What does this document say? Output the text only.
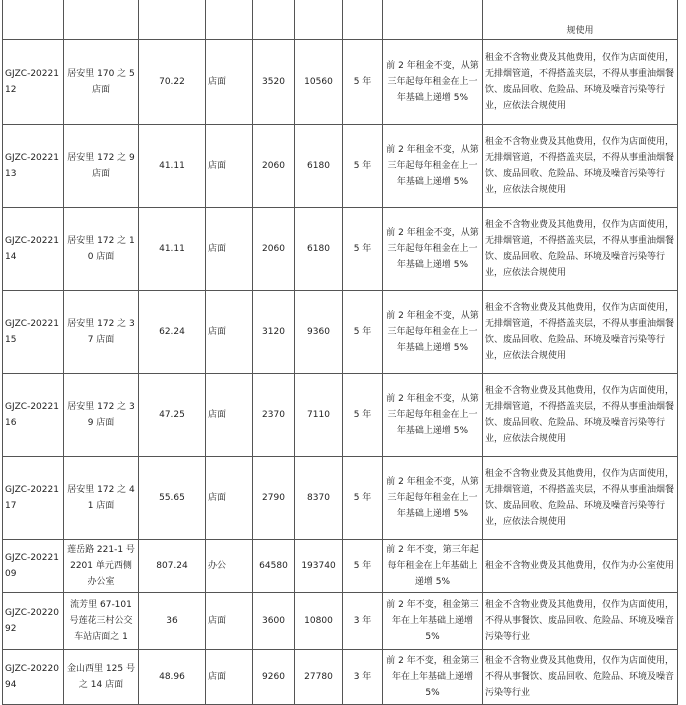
								规使用

GJZC-2022112	居安里 170 之 5 店面	70.22	店面	3520	10560	5 年	前 2 年租金不变，从第三年起每年租金在上一年基础上递增 5%	租金不含物业费及其他费用，仅作为店面使用，无排烟管道，不得搭盖夹层，不得从事重油烟餐饮、废品回收、危险品、环境及噪音污染等行业，应依法合规使用

GJZC-2022113	居安里 172 之 9 店面	41.11	店面	2060	6180	5 年	前 2 年租金不变，从第三年起每年租金在上一年基础上递增 5%	租金不含物业费及其他费用，仅作为店面使用，无排烟管道，不得搭盖夹层，不得从事重油烟餐饮、废品回收、危险品、环境及噪音污染等行业，应依法合规使用

GJZC-2022114	居安里 172 之 10 店面	41.11	店面	2060	6180	5 年	前 2 年租金不变，从第三年起每年租金在上一年基础上递增 5%	租金不含物业费及其他费用，仅作为店面使用，无排烟管道，不得搭盖夹层，不得从事重油烟餐饮、废品回收、危险品、环境及噪音污染等行业，应依法合规使用

GJZC-2022115	居安里 172 之 37 店面	62.24	店面	3120	9360	5 年	前 2 年租金不变，从第三年起每年租金在上一年基础上递增 5%	租金不含物业费及其他费用，仅作为店面使用，无排烟管道，不得搭盖夹层，不得从事重油烟餐饮、废品回收、危险品、环境及噪音污染等行业，应依法合规使用

GJZC-2022116	居安里 172 之 39 店面	47.25	店面	2370	7110	5 年	前 2 年租金不变，从第三年起每年租金在上一年基础上递增 5%	租金不含物业费及其他费用，仅作为店面使用，无排烟管道，不得搭盖夹层，不得从事重油烟餐饮、废品回收、危险品、环境及噪音污染等行业，应依法合规使用

GJZC-2022117	居安里 172 之 41 店面	55.65	店面	2790	8370	5 年	前 2 年租金不变，从第三年起每年租金在上一年基础上递增 5%	租金不含物业费及其他费用，仅作为店面使用，无排烟管道，不得搭盖夹层，不得从事重油烟餐饮、废品回收、危险品、环境及噪音污染等行业，应依法合规使用

GJZC-2022109	莲岳路 221-1 号 2201 单元西侧办公室	807.24	办公	64580	193740	5 年	前 2 年不变，第三年起每年租金在上年基础上递增 5%	租金不含物业费及其他费用，仅作为办公室使用

GJZC-2022092	流芳里 67-101 号莲花三村公交车站店面之 1	36	店面	3600	10800	3 年	前 2 年不变，租金第三年在上年基础上递增 5%	租金不含物业费及其他费用，仅作为店面使用，不得从事餐饮、废品回收、危险品、环境及噪音污染等行业

GJZC-2022094	金山西里 125 号之 14 店面	48.96	店面	9260	27780	3 年	前 2 年不变，租金第三年在上年基础上递增 5%	租金不含物业费及其他费用，仅作为店面使用，不得从事餐饮、废品回收、危险品、环境及噪音污染等行业
